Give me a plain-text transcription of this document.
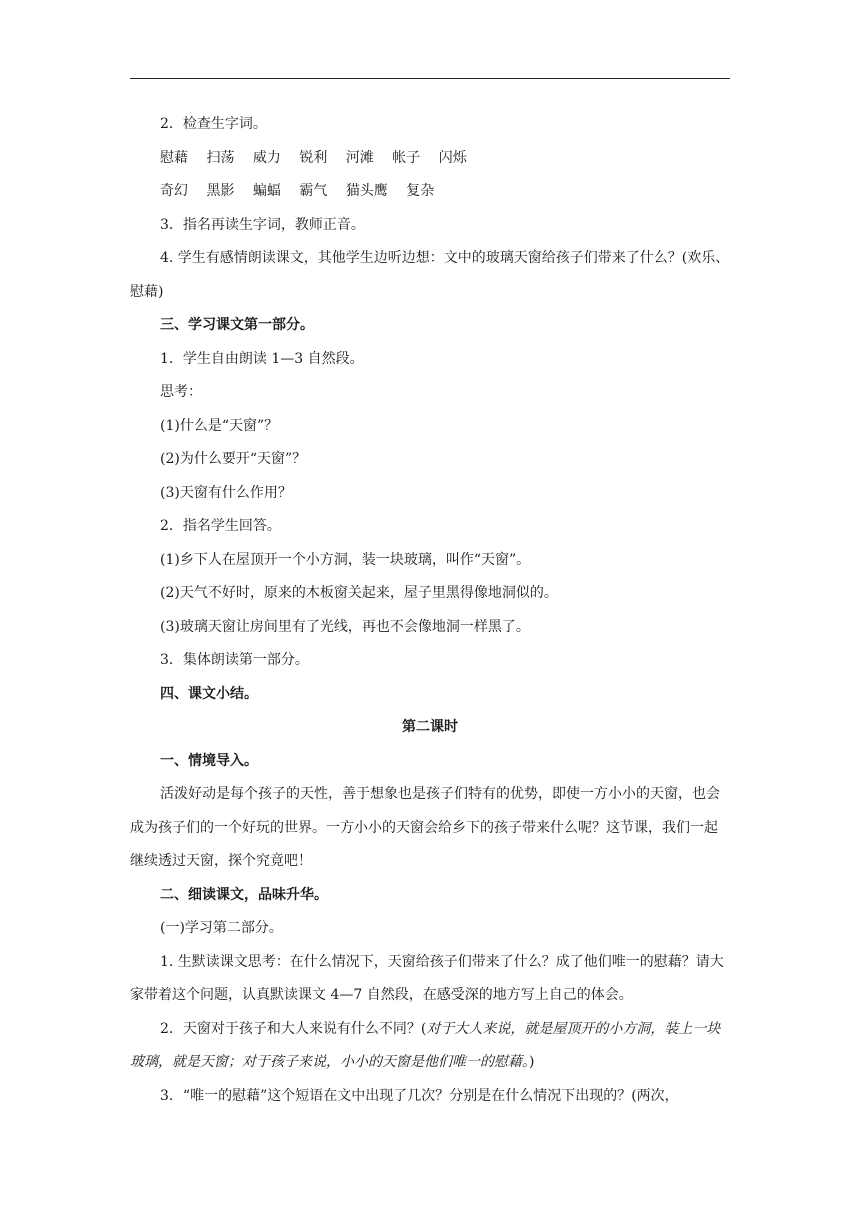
2．检查生字词。
慰藉 扫荡 威力 锐利 河滩 帐子 闪烁
奇幻 黑影 蝙蝠 霸气 猫头鹰 复杂
3．指名再读生字词，教师正音。
4. 学生有感情朗读课文，其他学生边听边想：文中的玻璃天窗给孩子们带来了什么？(欢乐、慰藉)
三、学习课文第一部分。
1．学生自由朗读 1—3 自然段。
思考：
(1)什么是“天窗”？
(2)为什么要开“天窗”？
(3)天窗有什么作用？
2．指名学生回答。
(1)乡下人在屋顶开一个小方洞，装一块玻璃，叫作“天窗”。
(2)天气不好时，原来的木板窗关起来，屋子里黑得像地洞似的。
(3)玻璃天窗让房间里有了光线，再也不会像地洞一样黑了。
3．集体朗读第一部分。
四、课文小结。
第二课时
一、情境导入。
活泼好动是每个孩子的天性，善于想象也是孩子们特有的优势，即使一方小小的天窗，也会成为孩子们的一个好玩的世界。一方小小的天窗会给乡下的孩子带来什么呢？这节课，我们一起继续透过天窗，探个究竟吧！
二、细读课文，品味升华。
(一)学习第二部分。
1. 生默读课文思考：在什么情况下，天窗给孩子们带来了什么？成了他们唯一的慰藉？请大家带着这个问题，认真默读课文 4—7 自然段，在感受深的地方写上自己的体会。
2．天窗对于孩子和大人来说有什么不同？(对于大人来说，就是屋顶开的小方洞，装上一块玻璃，就是天窗；对于孩子来说，小小的天窗是他们唯一的慰藉。)
3．“唯一的慰藉”这个短语在文中出现了几次？分别是在什么情况下出现的？(两次，
